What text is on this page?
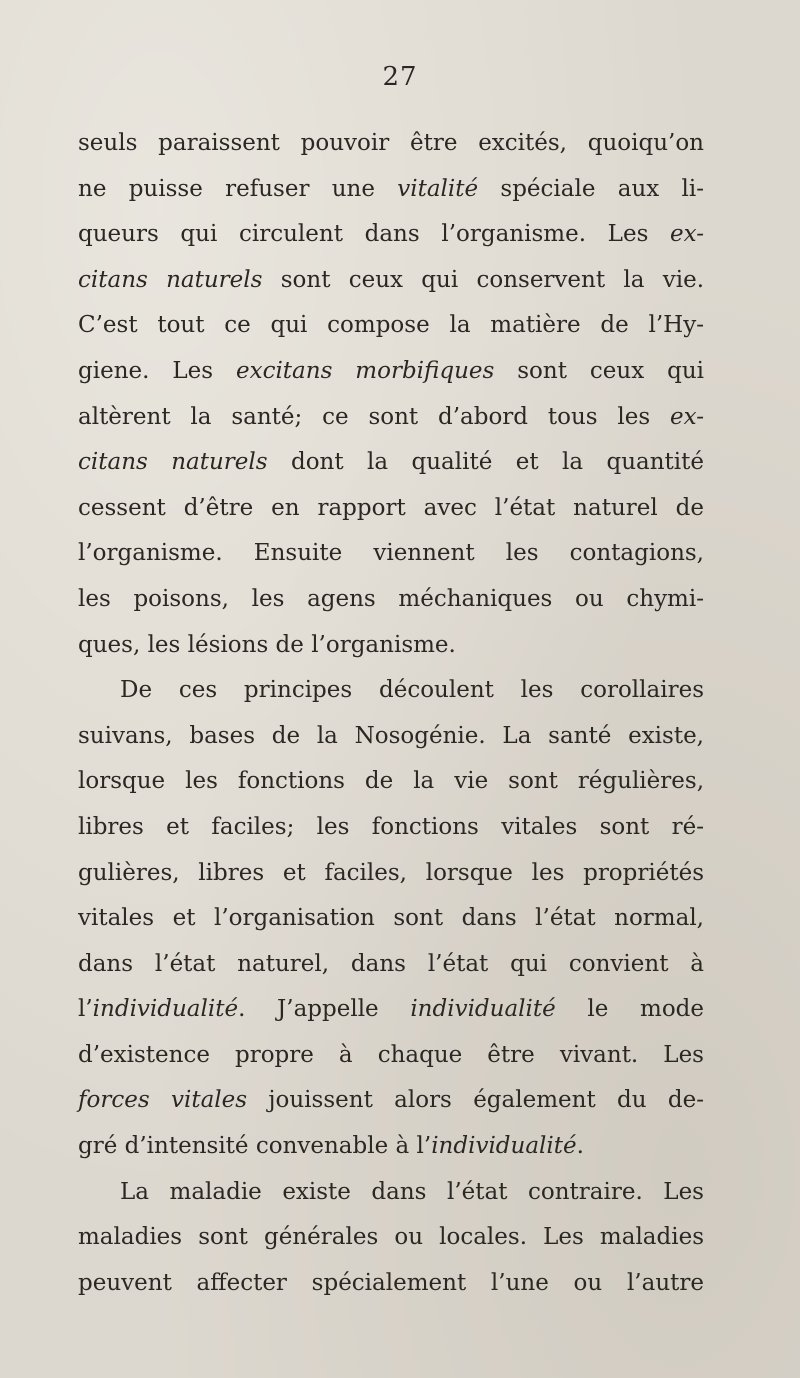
27
seuls paraissent pouvoir être excités, quoiqu’on
ne puisse refuser une vitalité spéciale aux li-
queurs qui circulent dans l’organisme. Les ex-
citans naturels sont ceux qui conservent la vie.
C’est tout ce qui compose la matière de l’Hy-
giene. Les excitans morbifiques sont ceux qui
altèrent la santé; ce sont d’abord tous les ex-
citans naturels dont la qualité et la quantité
cessent d’être en rapport avec l’état naturel de
l’organisme. Ensuite viennent les contagions,
les poisons, les agens méchaniques ou chymi-
ques, les lésions de l’organisme.
De ces principes découlent les corollaires
suivans, bases de la Nosogénie. La santé existe,
lorsque les fonctions de la vie sont régulières,
libres et faciles; les fonctions vitales sont ré-
gulières, libres et faciles, lorsque les propriétés
vitales et l’organisation sont dans l’état normal,
dans l’état naturel, dans l’état qui convient à
l’individualité. J’appelle individualité le mode
d’existence propre à chaque être vivant. Les
forces vitales jouissent alors également du de-
gré d’intensité convenable à l’individualité.
La maladie existe dans l’état contraire. Les
maladies sont générales ou locales. Les maladies
peuvent affecter spécialement l’une ou l’autre
